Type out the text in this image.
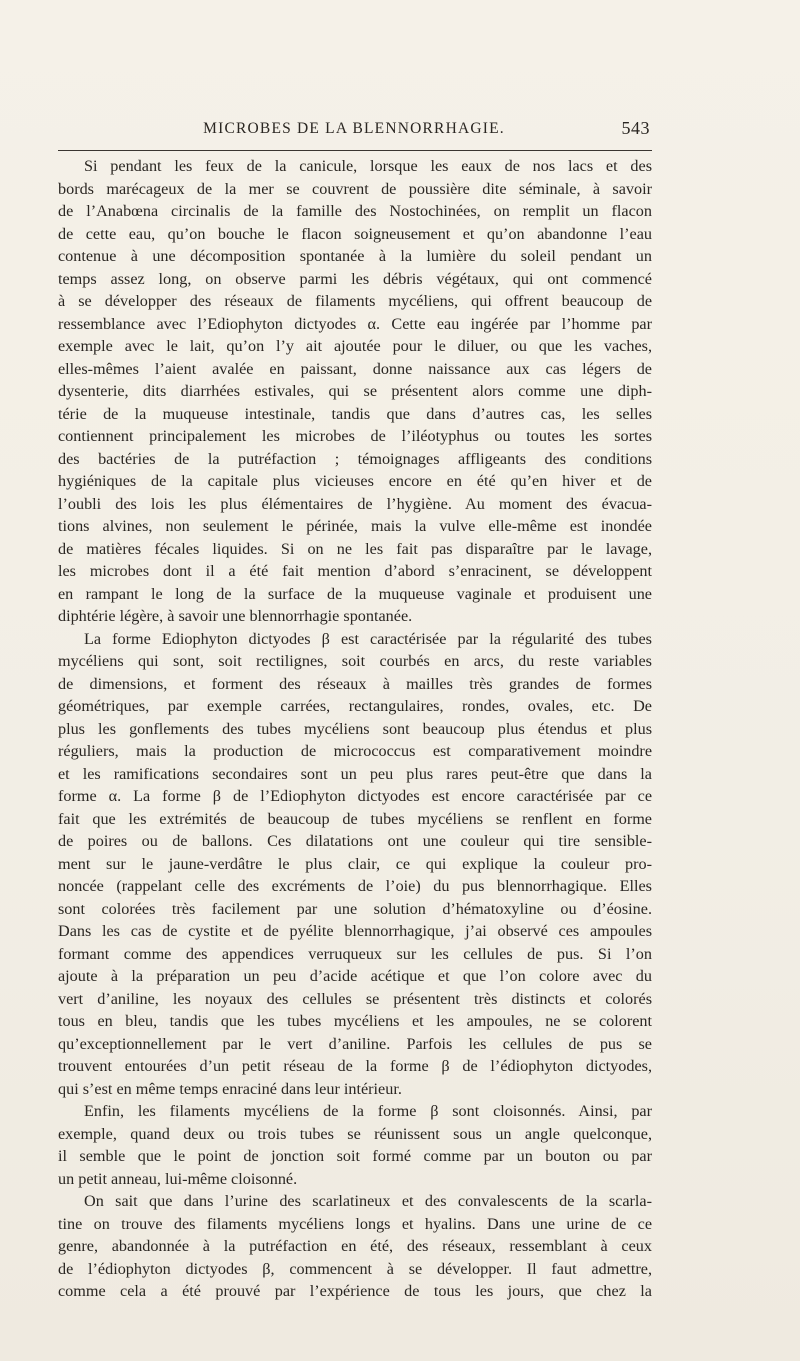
MICROBES DE LA BLENNORRHAGIE.	543
Si pendant les feux de la canicule, lorsque les eaux de nos lacs et des
bords marécageux de la mer se couvrent de poussière dite séminale, à savoir
de l’Anabœna circinalis de la famille des Nostochinées, on remplit un flacon
de cette eau, qu’on bouche le flacon soigneusement et qu’on abandonne l’eau
contenue à une décomposition spontanée à la lumière du soleil pendant un
temps assez long, on observe parmi les débris végétaux, qui ont commencé
à se développer des réseaux de filaments mycéliens, qui offrent beaucoup de
ressemblance avec l’Ediophyton dictyodes α. Cette eau ingérée par l’homme par
exemple avec le lait, qu’on l’y ait ajoutée pour le diluer, ou que les vaches,
elles-mêmes l’aient avalée en paissant, donne naissance aux cas légers de
dysenterie, dits diarrhées estivales, qui se présentent alors comme une diph-
térie de la muqueuse intestinale, tandis que dans d’autres cas, les selles
contiennent principalement les microbes de l’iléotyphus ou toutes les sortes
des bactéries de la putréfaction ; témoignages affligeants des conditions
hygiéniques de la capitale plus vicieuses encore en été qu’en hiver et de
l’oubli des lois les plus élémentaires de l’hygiène. Au moment des évacua-
tions alvines, non seulement le périnée, mais la vulve elle-même est inondée
de matières fécales liquides. Si on ne les fait pas disparaître par le lavage,
les microbes dont il a été fait mention d’abord s’enracinent, se développent
en rampant le long de la surface de la muqueuse vaginale et produisent une
diphtérie légère, à savoir une blennorrhagie spontanée.
La forme Ediophyton dictyodes β est caractérisée par la régularité des tubes
mycéliens qui sont, soit rectilignes, soit courbés en arcs, du reste variables
de dimensions, et forment des réseaux à mailles très grandes de formes
géométriques, par exemple carrées, rectangulaires, rondes, ovales, etc. De
plus les gonflements des tubes mycéliens sont beaucoup plus étendus et plus
réguliers, mais la production de micrococcus est comparativement moindre
et les ramifications secondaires sont un peu plus rares peut-être que dans la
forme α. La forme β de l’Ediophyton dictyodes est encore caractérisée par ce
fait que les extrémités de beaucoup de tubes mycéliens se renflent en forme
de poires ou de ballons. Ces dilatations ont une couleur qui tire sensible-
ment sur le jaune-verdâtre le plus clair, ce qui explique la couleur pro-
noncée (rappelant celle des excréments de l’oie) du pus blennorrhagique. Elles
sont colorées très facilement par une solution d’hématoxyline ou d’éosine.
Dans les cas de cystite et de pyélite blennorrhagique, j’ai observé ces ampoules
formant comme des appendices verruqueux sur les cellules de pus. Si l’on
ajoute à la préparation un peu d’acide acétique et que l’on colore avec du
vert d’aniline, les noyaux des cellules se présentent très distincts et colorés
tous en bleu, tandis que les tubes mycéliens et les ampoules, ne se colorent
qu’exceptionnellement par le vert d’aniline. Parfois les cellules de pus se
trouvent entourées d’un petit réseau de la forme β de l’édiophyton dictyodes,
qui s’est en même temps enraciné dans leur intérieur.
Enfin, les filaments mycéliens de la forme β sont cloisonnés. Ainsi, par
exemple, quand deux ou trois tubes se réunissent sous un angle quelconque,
il semble que le point de jonction soit formé comme par un bouton ou par
un petit anneau, lui-même cloisonné.
On sait que dans l’urine des scarlatineux et des convalescents de la scarla-
tine on trouve des filaments mycéliens longs et hyalins. Dans une urine de ce
genre, abandonnée à la putréfaction en été, des réseaux, ressemblant à ceux
de l’édiophyton dictyodes β, commencent à se développer. Il faut admettre,
comme cela a été prouvé par l’expérience de tous les jours, que chez la
